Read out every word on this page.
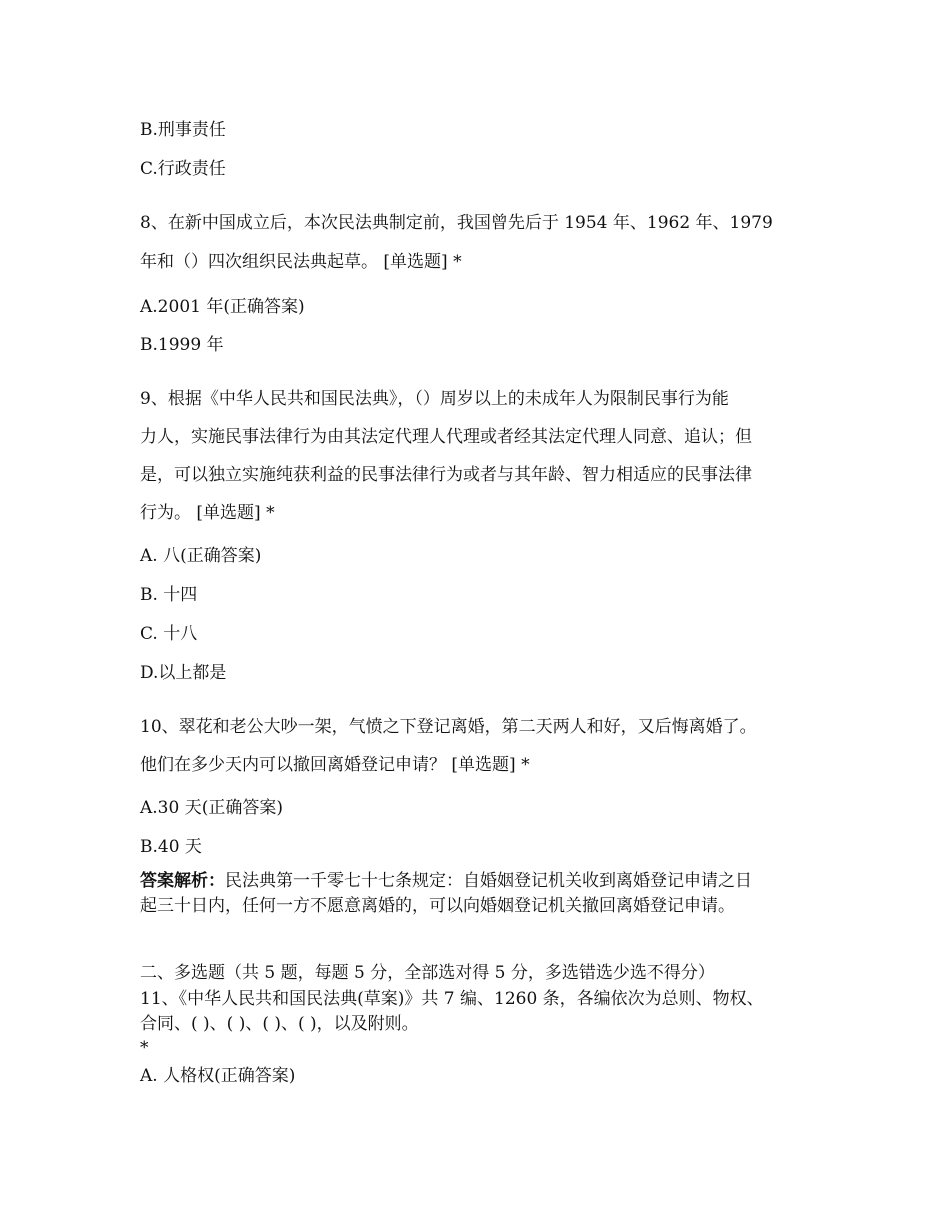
B.刑事责任

C.行政责任

8、在新中国成立后，本次民法典制定前，我国曾先后于 1954 年、1962 年、1979

年和（）四次组织民法典起草。 [单选题] *

A.2001 年(正确答案)

B.1999 年

9、根据《中华人民共和国民法典》，（）周岁以上的未成年人为限制民事行为能

力人，实施民事法律行为由其法定代理人代理或者经其法定代理人同意、追认；但

是，可以独立实施纯获利益的民事法律行为或者与其年龄、智力相适应的民事法律

行为。 [单选题] *

A. 八(正确答案)

B. 十四

C. 十八

D.以上都是

10、翠花和老公大吵一架，气愤之下登记离婚，第二天两人和好，又后悔离婚了。

他们在多少天内可以撤回离婚登记申请？ [单选题] *

A.30 天(正确答案)

B.40 天

答案解析：民法典第一千零七十七条规定：自婚姻登记机关收到离婚登记申请之日

起三十日内，任何一方不愿意离婚的，可以向婚姻登记机关撤回离婚登记申请。

二、多选题（共 5 题，每题 5 分，全部选对得 5 分，多选错选少选不得分）

11、《中华人民共和国民法典(草案)》共 7 编、1260 条，各编依次为总则、物权、

合同、( )、( )、( )、( )，以及附则。

*

A. 人格权(正确答案)
